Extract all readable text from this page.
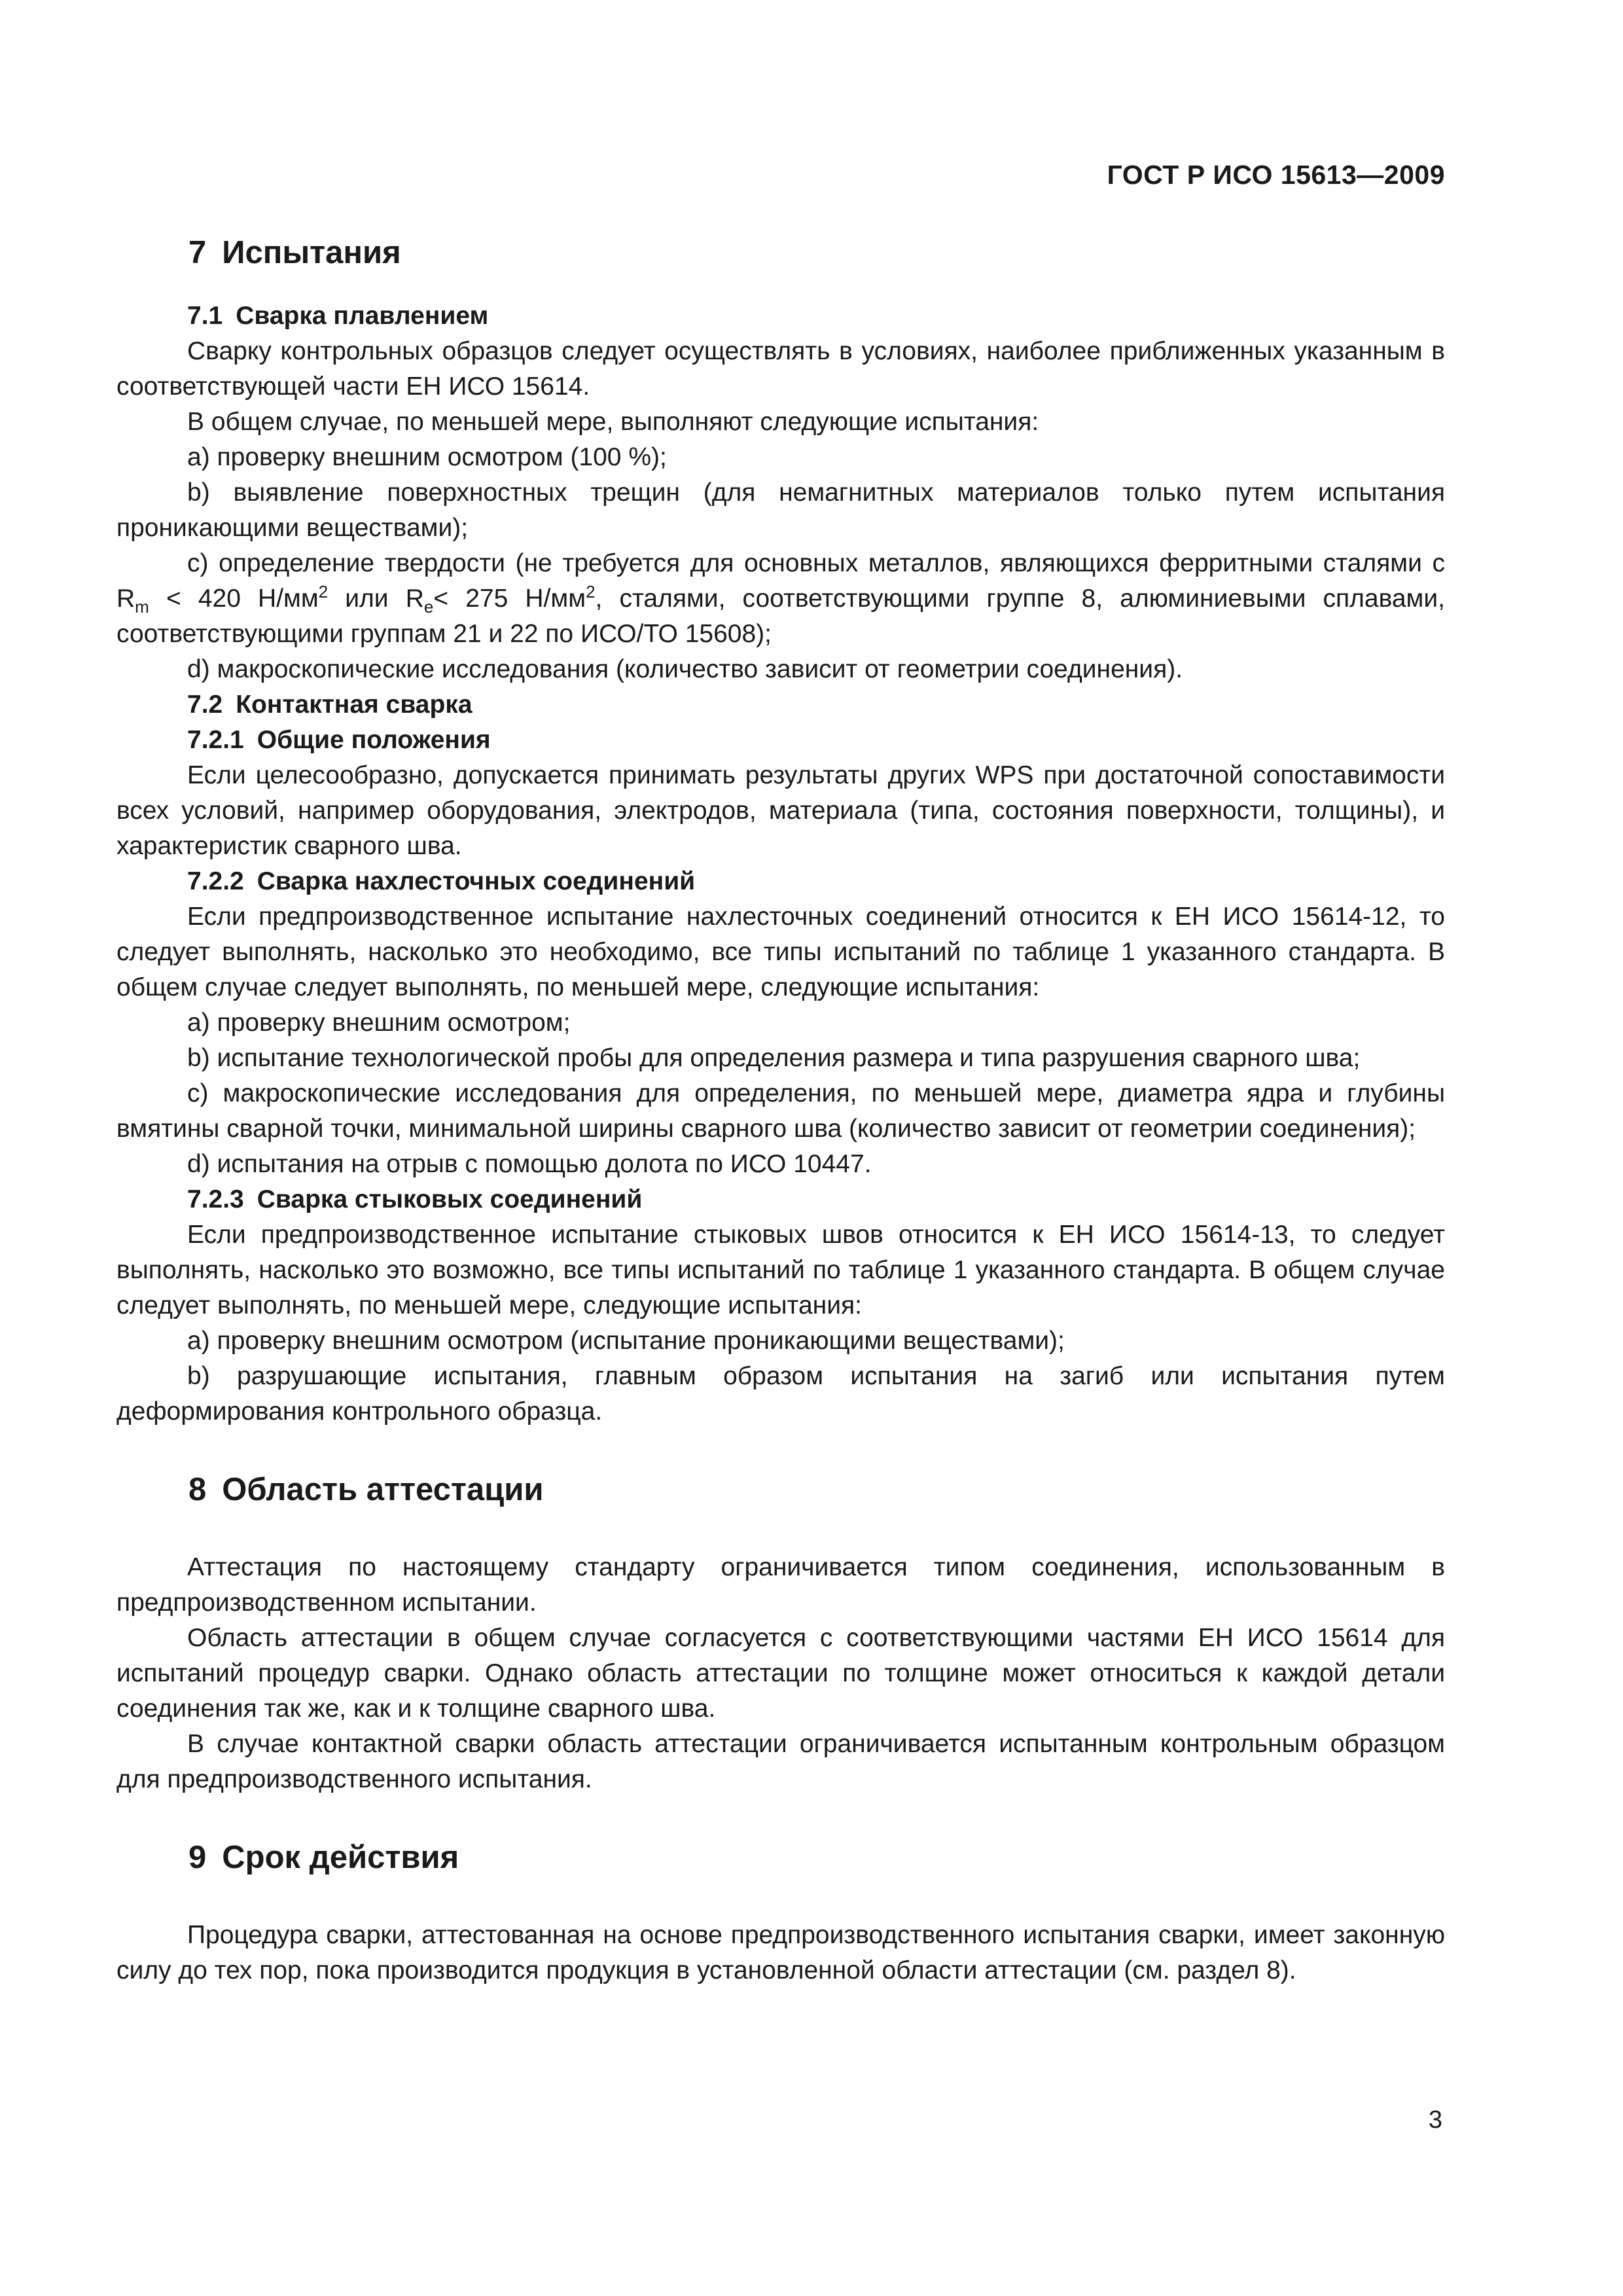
ГОСТ Р ИСО 15613—2009
7 Испытания
7.1 Сварка плавлением

Сварку контрольных образцов следует осуществлять в условиях, наиболее приближенных указанным в соответствующей части ЕН ИСО 15614.

В общем случае, по меньшей мере, выполняют следующие испытания:

a) проверку внешним осмотром (100 %);

b) выявление поверхностных трещин (для немагнитных материалов только путем испытания проникающими веществами);

c) определение твердости (не требуется для основных металлов, являющихся ферритными сталями с $R_m < 420$ $Н/мм^2$ или $R_e< 275$ $Н/мм^2$, сталями, соответствующими группе 8, алюминиевыми сплавами, соответствующими группам 21 и 22 по ИСО/ТО 15608);

d) макроскопические исследования (количество зависит от геометрии соединения).

7.2 Контактная сварка
7.2.1 Общие положения

Если целесообразно, допускается принимать результаты других WPS при достаточной сопоставимости всех условий, например оборудования, электродов, материала (типа, состояния поверхности, толщины), и характеристик сварного шва.

7.2.2 Сварка нахлесточных соединений

Если предпроизводственное испытание нахлесточных соединений относится к ЕН ИСО 15614-12, то следует выполнять, насколько это необходимо, все типы испытаний по таблице 1 указанного стандарта. В общем случае следует выполнять, по меньшей мере, следующие испытания:

a) проверку внешним осмотром;

b) испытание технологической пробы для определения размера и типа разрушения сварного шва;

c) макроскопические исследования для определения, по меньшей мере, диаметра ядра и глубины вмятины сварной точки, минимальной ширины сварного шва (количество зависит от геометрии соединения);

d) испытания на отрыв с помощью долота по ИСО 10447.

7.2.3 Сварка стыковых соединений

Если предпроизводственное испытание стыковых швов относится к ЕН ИСО 15614-13, то следует выполнять, насколько это возможно, все типы испытаний по таблице 1 указанного стандарта. В общем случае следует выполнять, по меньшей мере, следующие испытания:

a) проверку внешним осмотром (испытание проникающими веществами);

b) разрушающие испытания, главным образом испытания на загиб или испытания путем деформирования контрольного образца.

8 Область аттестации

Аттестация по настоящему стандарту ограничивается типом соединения, использованным в предпроизводственном испытании.

Область аттестации в общем случае согласуется с соответствующими частями ЕН ИСО 15614 для испытаний процедур сварки. Однако область аттестации по толщине может относиться к каждой детали соединения так же, как и к толщине сварного шва.

В случае контактной сварки область аттестации ограничивается испытанным контрольным образцом для предпроизводственного испытания.

9 Срок действия

Процедура сварки, аттестованная на основе предпроизводственного испытания сварки, имеет законную силу до тех пор, пока производится продукция в установленной области аттестации (см. раздел 8).

3
